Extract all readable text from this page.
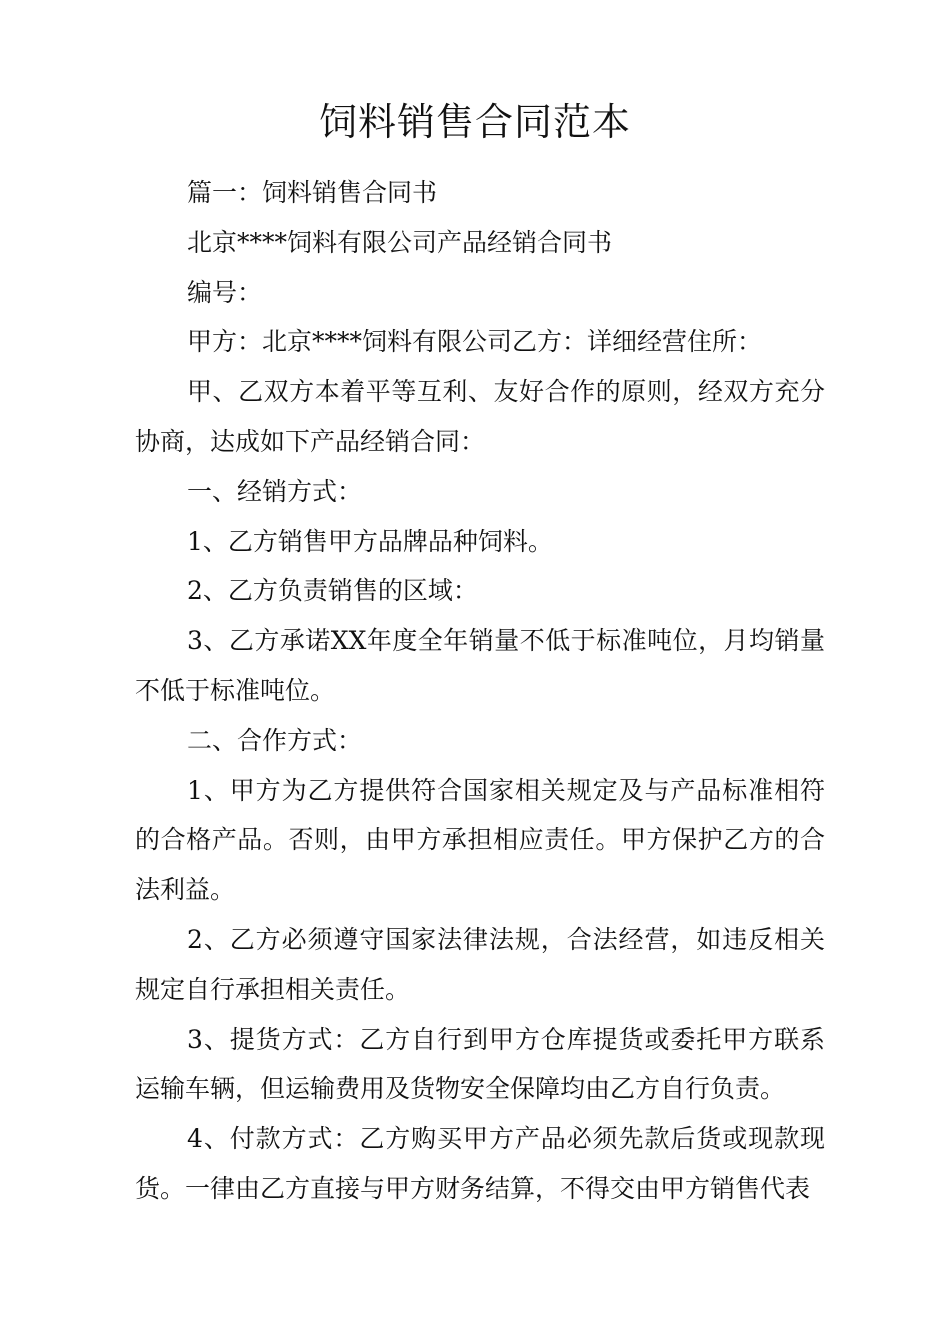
饲料销售合同范本

篇一：饲料销售合同书

北京****饲料有限公司产品经销合同书

编号：

甲方：北京****饲料有限公司乙方：详细经营住所：

甲、乙双方本着平等互利、友好合作的原则，经双方充分协商，达成如下产品经销合同：

一、经销方式：

1、乙方销售甲方品牌品种饲料。

2、乙方负责销售的区域：

3、乙方承诺XX年度全年销量不低于标准吨位，月均销量不低于标准吨位。

二、合作方式：

1、甲方为乙方提供符合国家相关规定及与产品标准相符的合格产品。否则，由甲方承担相应责任。甲方保护乙方的合法利益。

2、乙方必须遵守国家法律法规，合法经营，如违反相关规定自行承担相关责任。

3、提货方式：乙方自行到甲方仓库提货或委托甲方联系运输车辆，但运输费用及货物安全保障均由乙方自行负责。

4、付款方式：乙方购买甲方产品必须先款后货或现款现货。一律由乙方直接与甲方财务结算，不得交由甲方销售代表
